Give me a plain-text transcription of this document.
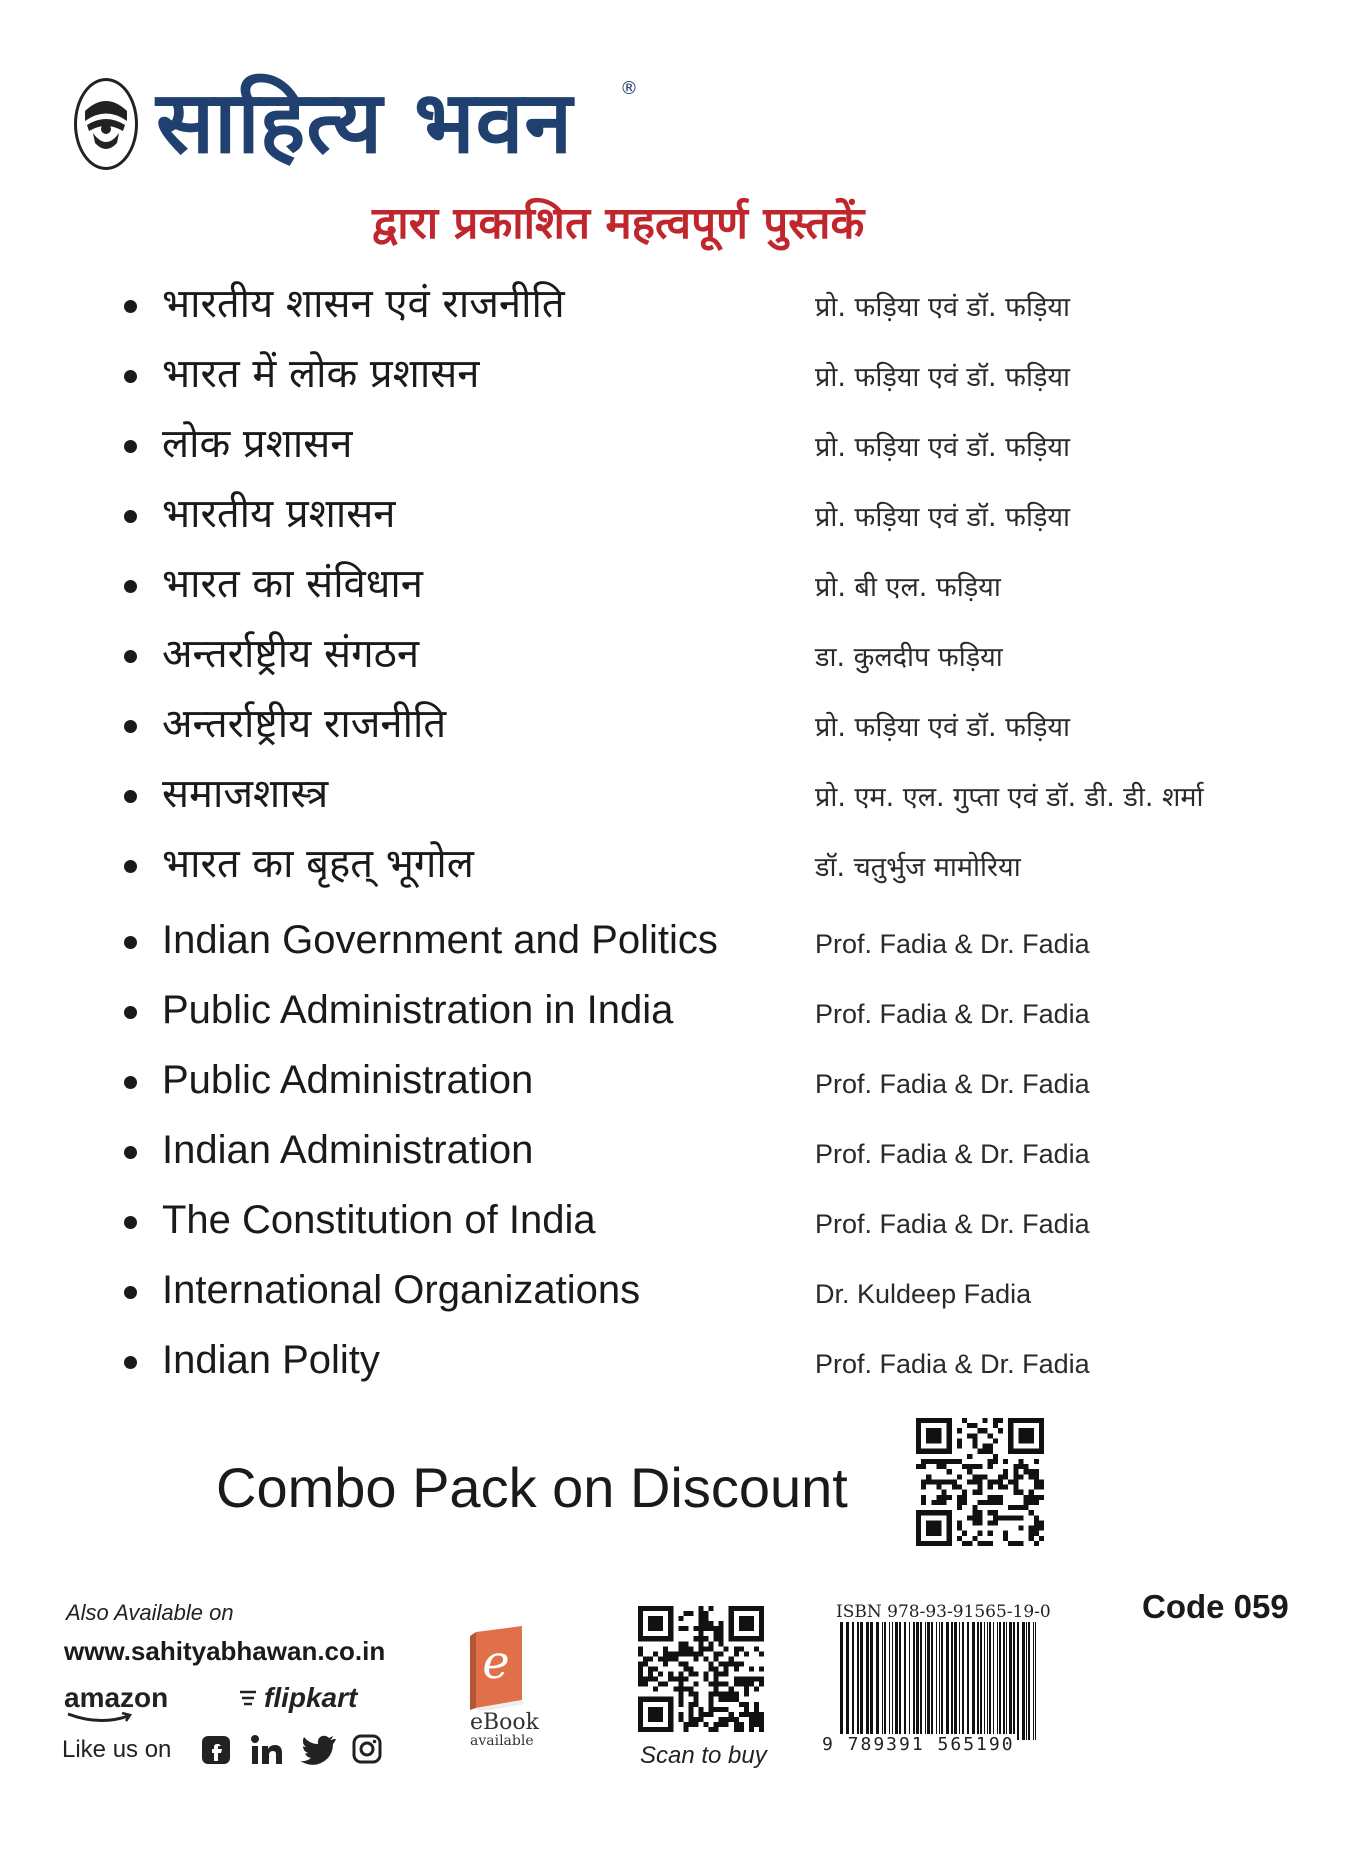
साहित्य भवन	®
द्वारा प्रकाशित महत्वपूर्ण पुस्तकें
भारतीय शासन एवं राजनीति	प्रो. फड़िया एवं डॉ. फड़िया
भारत में लोक प्रशासन	प्रो. फड़िया एवं डॉ. फड़िया
लोक प्रशासन	प्रो. फड़िया एवं डॉ. फड़िया
भारतीय प्रशासन	प्रो. फड़िया एवं डॉ. फड़िया
भारत का संविधान	प्रो. बी एल. फड़िया
अन्तर्राष्ट्रीय संगठन	डा. कुलदीप फड़िया
अन्तर्राष्ट्रीय राजनीति	प्रो. फड़िया एवं डॉ. फड़िया
समाजशास्त्र	प्रो. एम. एल. गुप्ता एवं डॉ. डी. डी. शर्मा
भारत का बृहत् भूगोल	डॉ. चतुर्भुज मामोरिया
Indian Government and Politics	Prof. Fadia & Dr. Fadia
Public Administration in India	Prof. Fadia & Dr. Fadia
Public Administration	Prof. Fadia & Dr. Fadia
Indian Administration	Prof. Fadia & Dr. Fadia
The Constitution of India	Prof. Fadia & Dr. Fadia
International Organizations	Dr. Kuldeep Fadia
Indian Polity	Prof. Fadia & Dr. Fadia
Combo Pack on Discount
Also Available on
www.sahityabhawan.co.in
amazon	flipkart
Like us on
e
eBook
available
Scan to buy
ISBN 978-93-91565-19-0
9 789391 565190
Code 059
